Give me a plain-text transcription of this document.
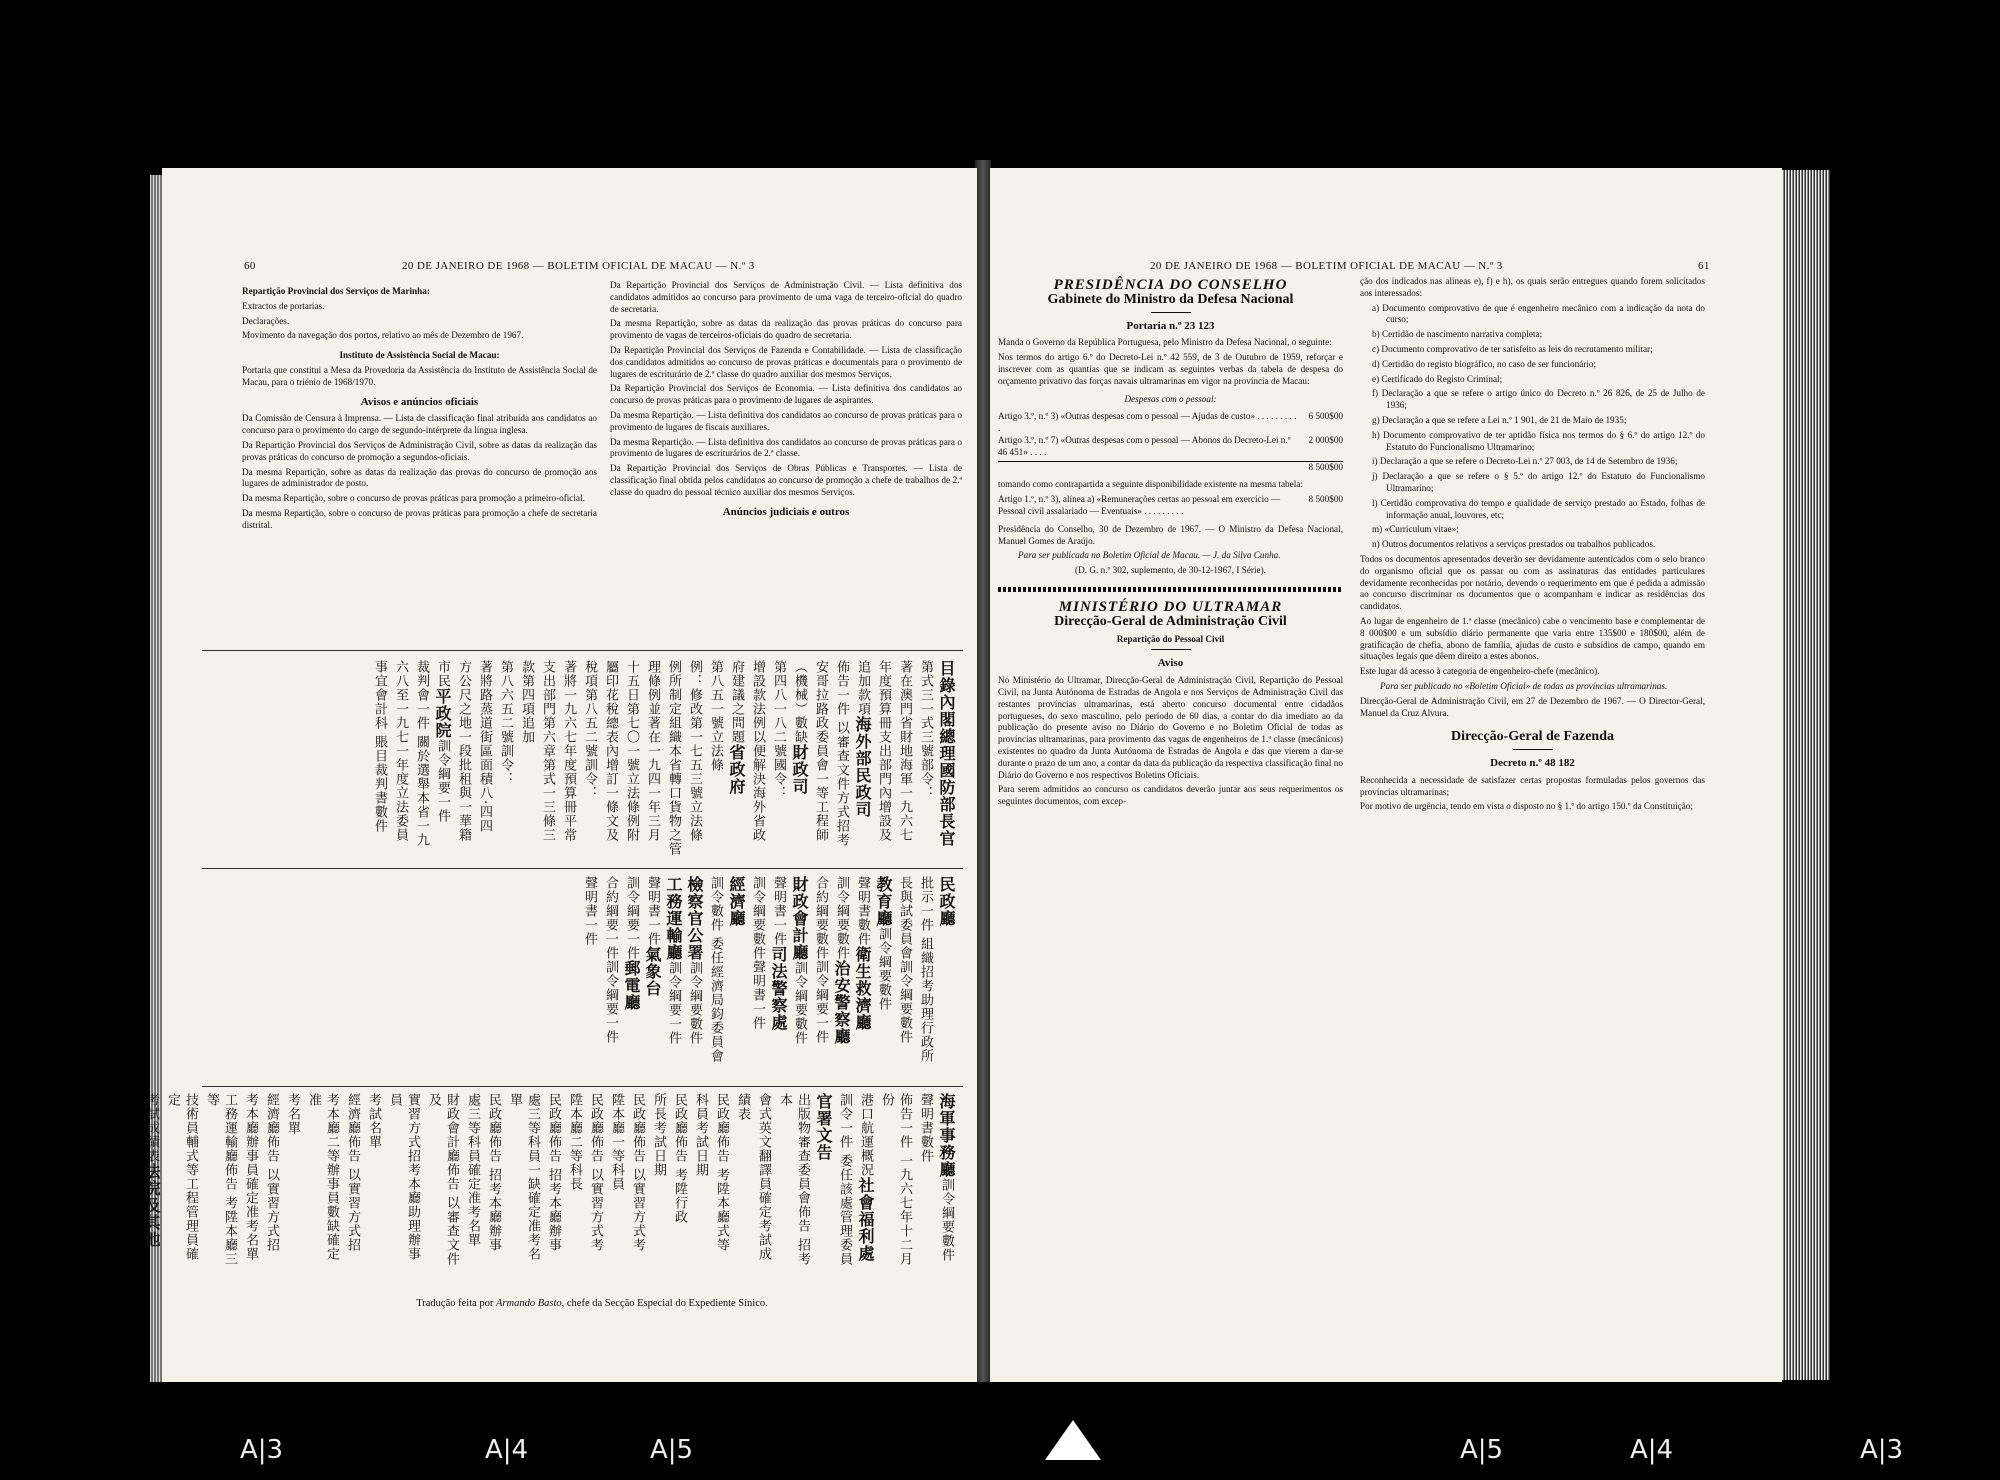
60	20 DE JANEIRO DE 1968 — BOLETIM OFICIAL DE MACAU — N.º 3

Repartição Provincial dos Serviços de Marinha:

Extractos de portarias.

Declarações.

Movimento da navegação dos portos, relativo ao mês de Dezembro de 1967.

Instituto de Assistência Social de Macau:

Portaria que constitui a Mesa da Provedoria da Assistência do Instituto de Assistência Social de Macau, para o triénio de 1968/1970.

Avisos e anúncios oficiais

Da Comissão de Censura à Imprensa. — Lista de classificação final atribuída aos candidatos ao concurso para o provimento do cargo de segundo-intérprete da língua inglesa.

Da Repartição Provincial dos Serviços de Administração Civil, sobre as datas da realização das provas práticas do concurso de promoção a segundos-oficiais.

Da mesma Repartição, sobre as datas da realização das provas do concurso de promoção aos lugares de administrador de posto.

Da mesma Repartição, sobre o concurso de provas práticas para promoção a primeiro-oficial.

Da mesma Repartição, sobre o concurso de provas práticas para promoção a chefe de secretaria distrital.

Da Repartição Provincial dos Serviços de Administração Civil. — Lista definitiva dos candidatos admitidos ao concurso para provimento de uma vaga de terceiro-oficial do quadro de secretaria.

Da mesma Repartição, sobre as datas da realização das provas práticas do concurso para provimento de vagas de terceiros-oficiais do quadro de secretaria.

Da Repartição Provincial dos Serviços de Fazenda e Contabilidade. — Lista de classificação dos candidatos admitidos ao concurso de provas práticas e documentais para o provimento de lugares de escriturário de 2.ª classe do quadro auxiliar dos mesmos Serviços.

Da Repartição Provincial dos Serviços de Economia. — Lista definitiva dos candidatos ao concurso de provas práticas para o provimento de lugares de aspirantes.

Da mesma Repartição. — Lista definitiva dos candidatos ao concurso de provas práticas para o provimento de lugares de fiscais auxiliares.

Da mesma Repartição. — Lista definitiva dos candidatos ao concurso de provas práticas para o provimento de lugares de escriturários de 2.ª classe.

Da Repartição Provincial dos Serviços de Obras Públicas e Transportes. — Lista de classificação final obtida pelos candidatos ao concurso de promoção a chefe de trabalhos de 2.ª classe do quadro do pessoal técnico auxiliar dos mesmos Serviços.

Anúncios judiciais e outros
目錄內閣總理國防部長官第式三一式三號部令：著在澳門省財地海軍一九六七年度預算冊支出部門內增設及追加款項海外部民政司佈告一件 以審查文件方式招考安哥拉路政委員會一等工程師（機械）數缺財政司第四八一八二號國令：增設款法例以便解決海外省政府建議之問題省政府第八五一號立法條例：修改第一七五三號立法條例所制定組織本省轉口貨物之管理條例並著在一九四一年三月十五日第七〇一號立法條例附屬印花稅總表內增訂一條文及稅項第八五二號訓令：著將一九六七年度預算冊平常支出部門第六章第式一三條三款第四項追加第八六五二號訓令：著將路蒸道街區面積八·四四方公尺之地一段批租與一華籍市民平政院訓令綱要一件裁判會一件 關於選舉本省一九六八至一九七一年度立法委員事宜會計科 賬目裁判書數件
民政廳批示一件 組織招考助理行政所長與試委員會訓令綱要數件教育廳訓令綱要數件聲明書數件衛生救濟廳訓令綱要數件治安警察廳合約綱要數件訓令綱要一件財政會計廳訓令綱要數件聲明書一件司法警察處訓令綱要數件聲明書一件經濟廳訓令數件 委任經濟局鈞委員會檢察官公署訓令綱要數件工務運輸廳訓令綱要一件聲明書一件氣象台訓令綱要一件郵電廳合約綱要一件訓令綱要一件聲明書一件
海軍事務廳訓令綱要數件聲明書數件佈告一件 一九六七年十二月份港口航運概況社會福利處訓令一件 委任該處管理委員官署文告出版物審查委員會佈告 招考本會式英文翻譯員確定考試成績表民政廳佈告 考陞本廳式等科員考試日期民政廳佈告 考陞行政所長考試日期民政廳佈告 以實習方式考陞本廳一等科員民政廳佈告 以實習方式考陞本廳二等科長民政廳佈告 招考本廳辦事處三等科員一缺確定准考名單民政廳佈告 招考本廳辦事處三等科員確定准考名單財政會計廳佈告 以審查文件及實習方式招考本廳助理辦事員考試名單經濟廳佈告 以實習方式招考本廳二等辦事員數缺確定准考名單經濟廳佈告 以實習方式招考本廳辦事員確定准考名單工務運輸廳佈告 考陞本廳三等技術員輔式等工程管理員確定考試成績表法院及其他
Tradução feita por Armando Basto, chefe da Secção Especial do Expediente Sínico.
20 DE JANEIRO DE 1968 — BOLETIM OFICIAL DE MACAU — N.º 3	61
PRESIDÊNCIA DO CONSELHO
Gabinete do Ministro da Defesa Nacional
Portaria n.º 23 123

Manda o Governo da República Portuguesa, pelo Ministro da Defesa Nacional, o seguinte:

Nos termos do artigo 6.º do Decreto-Lei n.º 42 559, de 3 de Outubro de 1959, reforçar e inscrever com as quantias que se indicam as seguintes verbas da tabela de despesa do orçamento privativo das forças navais ultramarinas em vigor na província de Macau:

Despesas com o pessoal:

Artigo 3.º, n.º 3) «Outras despesas com o pessoal — Ajudas de custo» . . . . . . . . . .
6 500$00
Artigo 3.º, n.º 7) «Outras despesas com o pessoal — Abonos do Decreto-Lei n.º 46 451» . . . .
2 000$00
8 500$00

tomando como contrapartida a seguinte disponibilidade existente na mesma tabela:

Artigo 1.º, n.º 3), alínea a) «Remunerações certas ao pessoal em exercício — Pessoal civil assalariado — Eventuais» . . . . . . . . .
8 500$00

Presidência do Conselho, 30 de Dezembro de 1967. — O Ministro da Defesa Nacional, Manuel Gomes de Araújo.

Para ser publicada no Boletim Oficial de Macau. — J. da Silva Cunha.

(D. G. n.º 302, suplemento, de 30-12-1967, I Série).

MINISTÉRIO DO ULTRAMAR
Direcção-Geral de Administração Civil

Repartição do Pessoal Civil

Aviso

No Ministério do Ultramar, Direcção-Geral de Administração Civil, Repartição do Pessoal Civil, na Junta Autónoma de Estradas de Angola e nos Serviços de Administração Civil das restantes províncias ultramarinas, está aberto concurso documental entre cidadãos portugueses, do sexo masculino, pelo período de 60 dias, a contar do dia imediato ao da publicação do presente aviso no Diário do Governo e no Boletim Oficial de todas as províncias ultramarinas, para provimento das vagas de engenheiros de 1.ª classe (mecânicos) existentes no quadro da Junta Autónoma de Estradas de Angola e das que vierem a dar-se durante o prazo de um ano, a contar da data da publicação da respectiva classificação final no Diário do Governo e nos respectivos Boletins Oficiais.

Para serem admitidos ao concurso os candidatos deverão juntar aos seus requerimentos os seguintes documentos, com excep-

ção dos indicados nas alíneas e), f) e h), os quais serão entregues quando forem solicitados aos interessados:

a) Documento comprovativo de que é engenheiro mecânico com a indicação da nota do curso;

b) Certidão de nascimento narrativa completa;

c) Documento comprovativo de ter satisfeito as leis do recrutamento militar;

d) Certidão do registo biográfico, no caso de ser funcionário;

e) Certificado do Registo Criminal;

f) Declaração a que se refere o artigo único do Decreto n.º 26 826, de 25 de Julho de 1936;

g) Declaração a que se refere a Lei n.º 1 901, de 21 de Maio de 1935;

h) Documento comprovativo de ter aptidão física nos termos do § 6.º do artigo 12.º do Estatuto do Funcionalismo Ultramarino;

i) Declaração a que se refere o Decreto-Lei n.º 27 003, de 14 de Setembro de 1936;

j) Declaração a que se refere o § 5.º do artigo 12.º do Estatuto do Funcionalismo Ultramarino;

l) Certidão comprovativa do tempo e qualidade de serviço prestado ao Estado, folhas de informação anual, louvores, etc;

m) «Curriculum vitae»;

n) Outros documentos relativos a serviços prestados ou trabalhos publicados.

Todos os documentos apresentados deverão ser devidamente autenticados com o selo branco do organismo oficial que os passar ou com as assinaturas das entidades particulares devidamente reconhecidas por notário, devendo o requerimento em que é pedida a admissão ao concurso discriminar os documentos que o acompanham e indicar as residências dos candidatos.

Ao lugar de engenheiro de 1.ª classe (mecânico) cabe o vencimento base e complementar de 8 000$00 e um subsídio diário permanente que varia entre 135$00 e 180$00, além de gratificação de chefia, abono de família, ajudas de custo e subsídios de campo, quando em situações legais que dêem direito a estes abonos.

Este lugar dá acesso à categoria de engenheiro-chefe (mecânico).

Para ser publicado no «Boletim Oficial» de todas as províncias ultramarinas.

Direcção-Geral de Administração Civil, em 27 de Dezembro de 1967. — O Director-Geral, Manuel da Cruz Alvura.

Direcção-Geral de Fazenda
Decreto n.º 48 182

Reconhecida a necessidade de satisfazer certas propostas formuladas pelos governos das províncias ultramarinas;

Por motivo de urgência, tendo em vista o disposto no § 1.º do artigo 150.º da Constituição;

A|3	A|4	A|5	A|5	A|4	A|3
